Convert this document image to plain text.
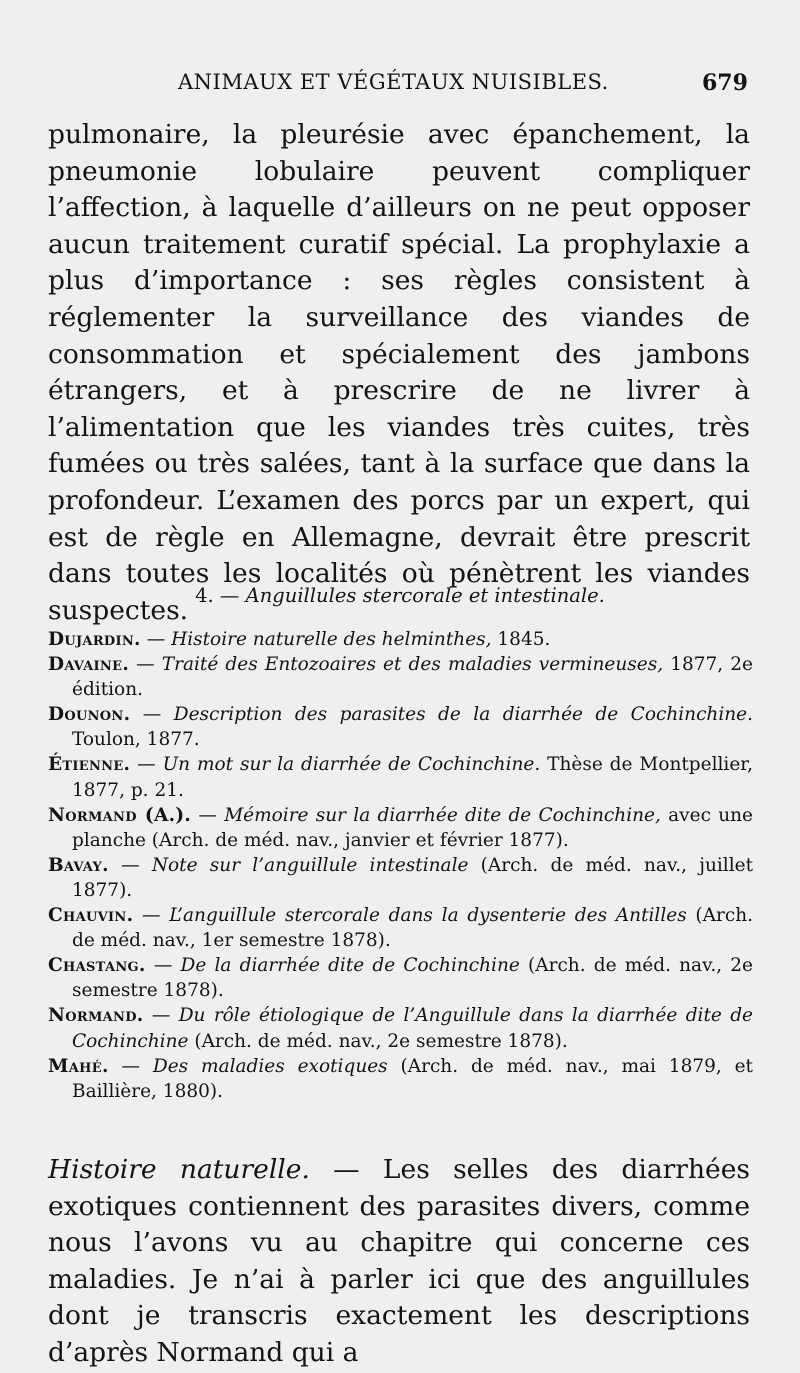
ANIMAUX ET VÉGÉTAUX NUISIBLES.	679

pulmonaire, la pleurésie avec épanchement, la pneumonie lobulaire peuvent compliquer l’affection, à laquelle d’ailleurs on ne peut opposer aucun traitement curatif spécial. La prophylaxie a plus d’importance : ses règles consistent à réglementer la surveillance des viandes de consommation et spécialement des jambons étrangers, et à prescrire de ne livrer à l’alimentation que les viandes très cuites, très fumées ou très salées, tant à la surface que dans la profondeur. L’examen des porcs par un expert, qui est de règle en Allemagne, devrait être prescrit dans toutes les localités où pénètrent les viandes suspectes. 4. — Anguillules stercorale et intestinale.
Dujardin. — Histoire naturelle des helminthes, 1845.
Davaine. — Traité des Entozoaires et des maladies vermineuses, 1877, 2e édition.
Dounon. — Description des parasites de la diarrhée de Cochinchine. Toulon, 1877.
Étienne. — Un mot sur la diarrhée de Cochinchine. Thèse de Montpellier, 1877, p. 21.
Normand (A.). — Mémoire sur la diarrhée dite de Cochinchine, avec une planche (Arch. de méd. nav., janvier et février 1877).
Bavay. — Note sur l’anguillule intestinale (Arch. de méd. nav., juillet 1877).
Chauvin. — L’anguillule stercorale dans la dysenterie des Antilles (Arch. de méd. nav., 1er semestre 1878).
Chastang. — De la diarrhée dite de Cochinchine (Arch. de méd. nav., 2e semestre 1878).
Normand. — Du rôle étiologique de l’Anguillule dans la diarrhée dite de Cochinchine (Arch. de méd. nav., 2e semestre 1878).
Mahé. — Des maladies exotiques (Arch. de méd. nav., mai 1879, et Baillière, 1880).

Histoire naturelle. — Les selles des diarrhées exotiques contiennent des parasites divers, comme nous l’avons vu au chapitre qui concerne ces maladies. Je n’ai à parler ici que des anguillules dont je transcris exactement les descriptions d’après Normand qui a
